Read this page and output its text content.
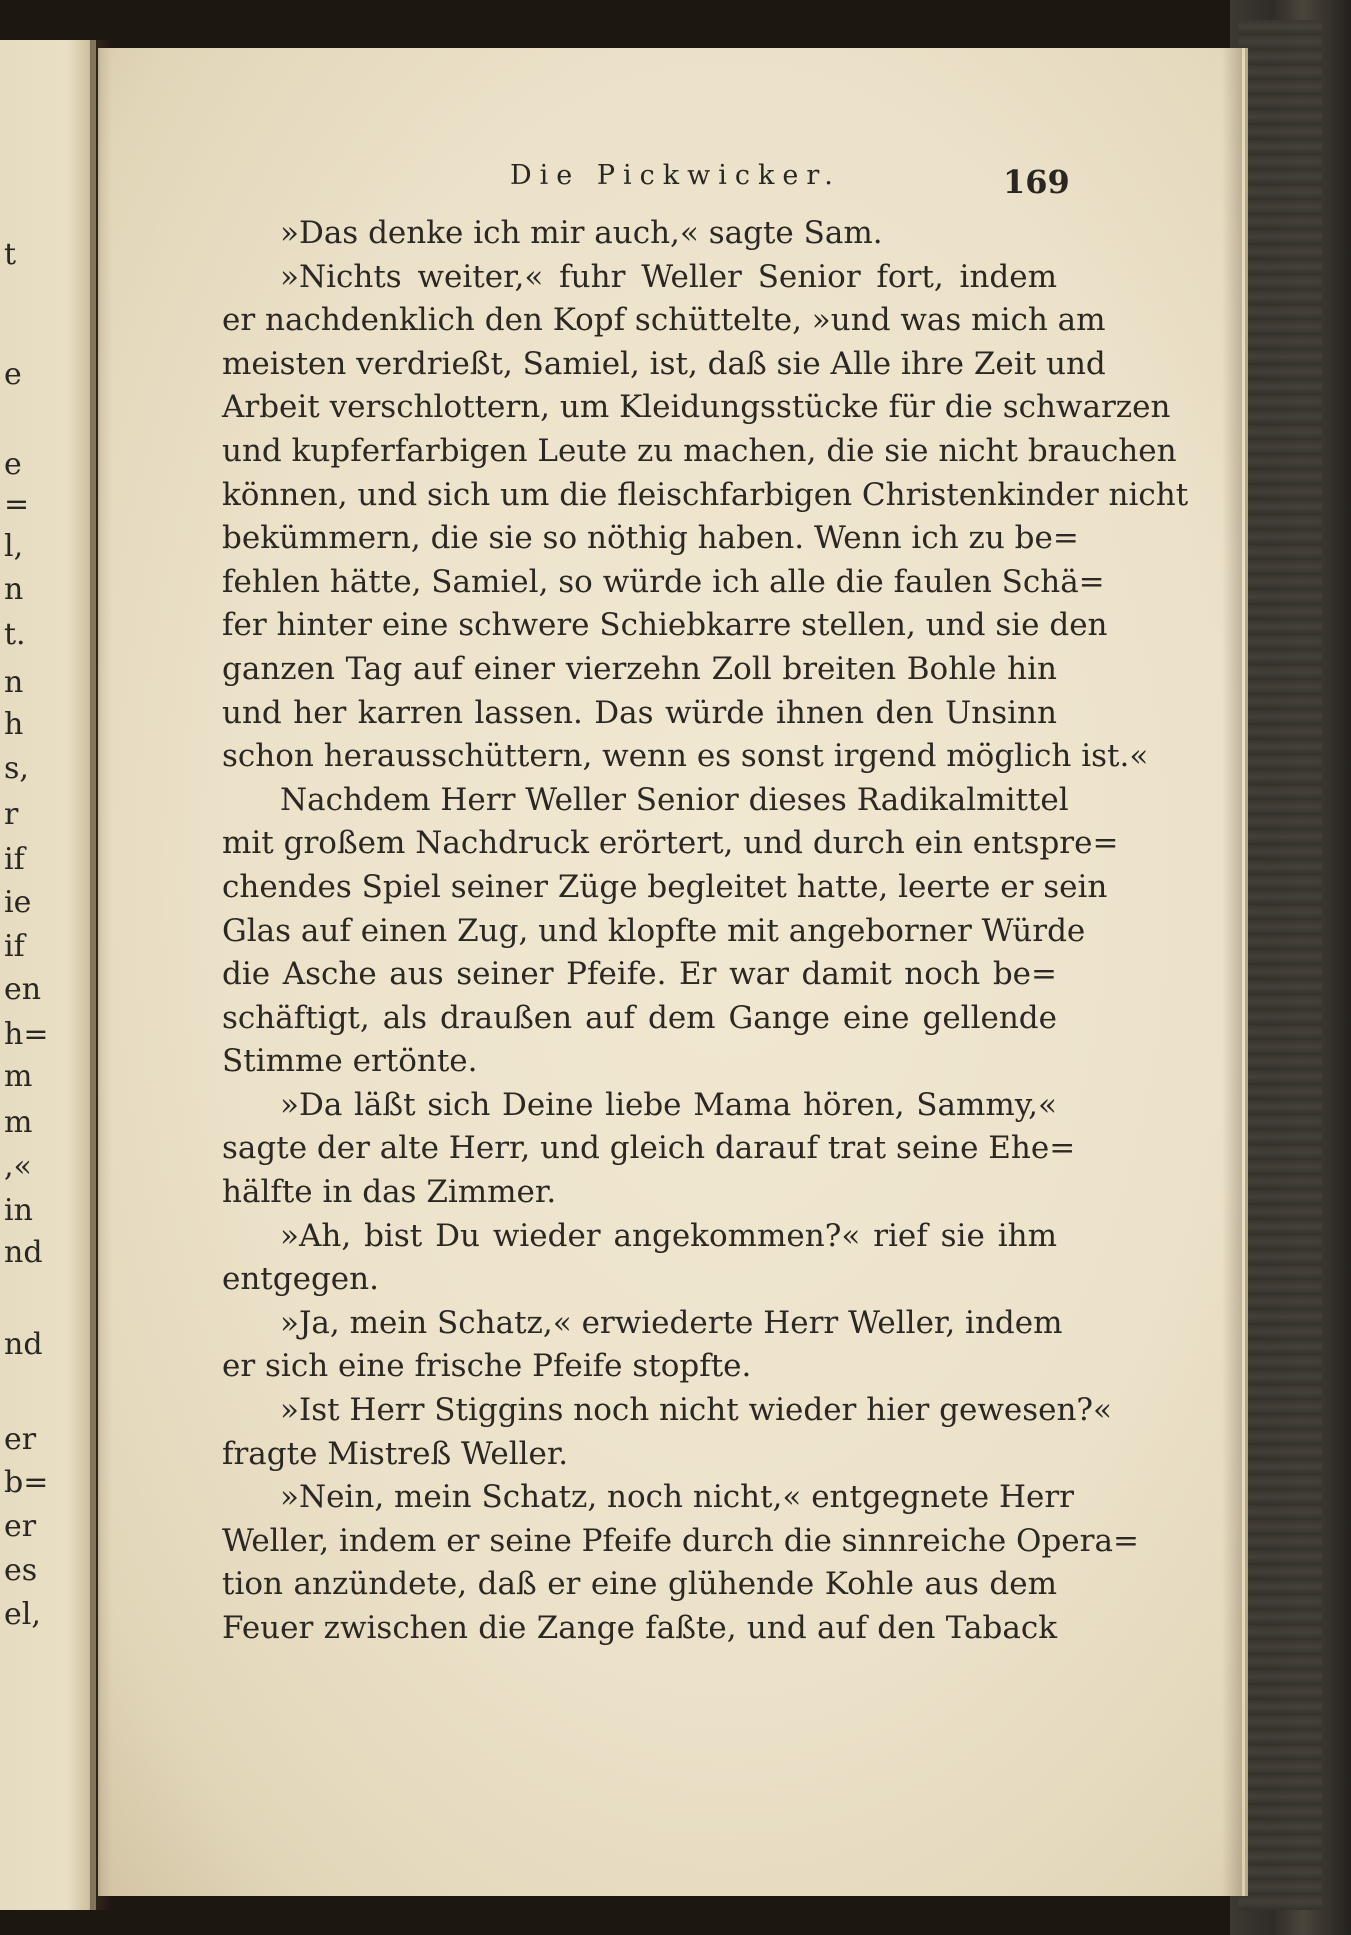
t
e
e
=
l,
n
t.
n
h
s,
r
if
ie
if
en
h=
m
m
,«
in
nd
nd
er
b=
er
es
el,
Die Pickwicker.	169
»Das denke ich mir auch,« sagte Sam.
»Nichts weiter,« fuhr Weller Senior fort, indem
er nachdenklich den Kopf schüttelte, »und was mich am
meisten verdrießt, Samiel, ist, daß sie Alle ihre Zeit und
Arbeit verschlottern, um Kleidungsstücke für die schwarzen
und kupferfarbigen Leute zu machen, die sie nicht brauchen
können, und sich um die fleischfarbigen Christenkinder nicht
bekümmern, die sie so nöthig haben. Wenn ich zu be=
fehlen hätte, Samiel, so würde ich alle die faulen Schä=
fer hinter eine schwere Schiebkarre stellen, und sie den
ganzen Tag auf einer vierzehn Zoll breiten Bohle hin
und her karren lassen. Das würde ihnen den Unsinn
schon herausschüttern, wenn es sonst irgend möglich ist.«
Nachdem Herr Weller Senior dieses Radikalmittel
mit großem Nachdruck erörtert, und durch ein entspre=
chendes Spiel seiner Züge begleitet hatte, leerte er sein
Glas auf einen Zug, und klopfte mit angeborner Würde
die Asche aus seiner Pfeife. Er war damit noch be=
schäftigt, als draußen auf dem Gange eine gellende
Stimme ertönte.
»Da läßt sich Deine liebe Mama hören, Sammy,«
sagte der alte Herr, und gleich darauf trat seine Ehe=
hälfte in das Zimmer.
»Ah, bist Du wieder angekommen?« rief sie ihm
entgegen.
»Ja, mein Schatz,« erwiederte Herr Weller, indem
er sich eine frische Pfeife stopfte.
»Ist Herr Stiggins noch nicht wieder hier gewesen?«
fragte Mistreß Weller.
»Nein, mein Schatz, noch nicht,« entgegnete Herr
Weller, indem er seine Pfeife durch die sinnreiche Opera=
tion anzündete, daß er eine glühende Kohle aus dem
Feuer zwischen die Zange faßte, und auf den Taback
